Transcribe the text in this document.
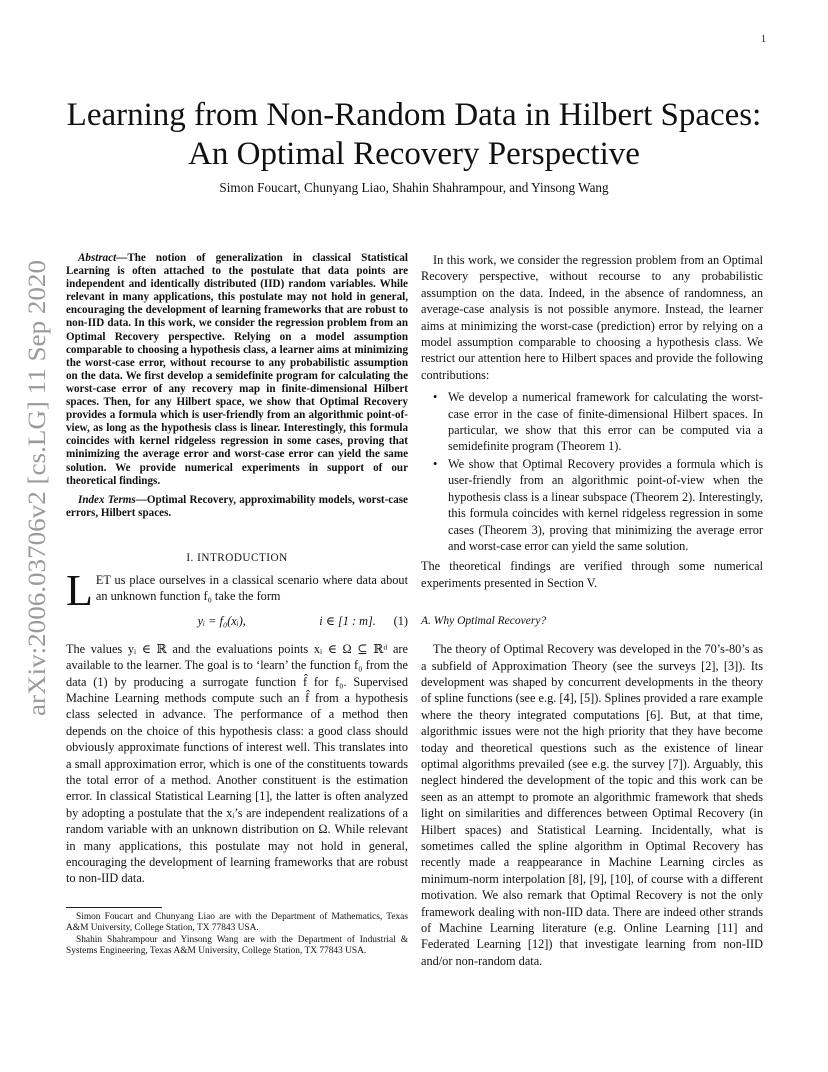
1
arXiv:2006.03706v2 [cs.LG] 11 Sep 2020
Learning from Non-Random Data in Hilbert Spaces:
An Optimal Recovery Perspective
Simon Foucart, Chunyang Liao, Shahin Shahrampour, and Yinsong Wang

Abstract—The notion of generalization in classical Statistical Learning is often attached to the postulate that data points are independent and identically distributed (IID) random variables. While relevant in many applications, this postulate may not hold in general, encouraging the development of learning frameworks that are robust to non-IID data. In this work, we consider the regression problem from an Optimal Recovery perspective. Relying on a model assumption comparable to choosing a hypothesis class, a learner aims at minimizing the worst-case error, without recourse to any probabilistic assumption on the data. We first develop a semidefinite program for calculating the worst-case error of any recovery map in finite-dimensional Hilbert spaces. Then, for any Hilbert space, we show that Optimal Recovery provides a formula which is user-friendly from an algorithmic point-of-view, as long as the hypothesis class is linear. Interestingly, this formula coincides with kernel ridgeless regression in some cases, proving that minimizing the average error and worst-case error can yield the same solution. We provide numerical experiments in support of our theoretical findings.

Index Terms—Optimal Recovery, approximability models, worst-case errors, Hilbert spaces.

I. INTRODUCTION

LET us place ourselves in a classical scenario where data about an unknown function f₀ take the form

yᵢ = f₀(xᵢ),	i ∈ [1 : m].	(1)

The values yᵢ ∈ ℝ and the evaluations points xᵢ ∈ Ω ⊆ ℝᵈ are available to the learner. The goal is to ‘learn’ the function f₀ from the data (1) by producing a surrogate function f̂ for f₀. Supervised Machine Learning methods compute such an f̂ from a hypothesis class selected in advance. The performance of a method then depends on the choice of this hypothesis class: a good class should obviously approximate functions of interest well. This translates into a small approximation error, which is one of the constituents towards the total error of a method. Another constituent is the estimation error. In classical Statistical Learning [1], the latter is often analyzed by adopting a postulate that the xᵢ’s are independent realizations of a random variable with an unknown distribution on Ω. While relevant in many applications, this postulate may not hold in general, encouraging the development of learning frameworks that are robust to non-IID data.

Simon Foucart and Chunyang Liao are with the Department of Mathematics, Texas A&M University, College Station, TX 77843 USA.

Shahin Shahrampour and Yinsong Wang are with the Department of Industrial & Systems Engineering, Texas A&M University, College Station, TX 77843 USA.

In this work, we consider the regression problem from an Optimal Recovery perspective, without recourse to any probabilistic assumption on the data. Indeed, in the absence of randomness, an average-case analysis is not possible anymore. Instead, the learner aims at minimizing the worst-case (prediction) error by relying on a model assumption comparable to choosing a hypothesis class. We restrict our attention here to Hilbert spaces and provide the following contributions:

• We develop a numerical framework for calculating the worst-case error in the case of finite-dimensional Hilbert spaces. In particular, we show that this error can be computed via a semidefinite program (Theorem 1).
• We show that Optimal Recovery provides a formula which is user-friendly from an algorithmic point-of-view when the hypothesis class is a linear subspace (Theorem 2). Interestingly, this formula coincides with kernel ridgeless regression in some cases (Theorem 3), proving that minimizing the average error and worst-case error can yield the same solution.

The theoretical findings are verified through some numerical experiments presented in Section V.

A. Why Optimal Recovery?

The theory of Optimal Recovery was developed in the 70’s-80’s as a subfield of Approximation Theory (see the surveys [2], [3]). Its development was shaped by concurrent developments in the theory of spline functions (see e.g. [4], [5]). Splines provided a rare example where the theory integrated computations [6]. But, at that time, algorithmic issues were not the high priority that they have become today and theoretical questions such as the existence of linear optimal algorithms prevailed (see e.g. the survey [7]). Arguably, this neglect hindered the development of the topic and this work can be seen as an attempt to promote an algorithmic framework that sheds light on similarities and differences between Optimal Recovery (in Hilbert spaces) and Statistical Learning. Incidentally, what is sometimes called the spline algorithm in Optimal Recovery has recently made a reappearance in Machine Learning circles as minimum-norm interpolation [8], [9], [10], of course with a different motivation. We also remark that Optimal Recovery is not the only framework dealing with non-IID data. There are indeed other strands of Machine Learning literature (e.g. Online Learning [11] and Federated Learning [12]) that investigate learning from non-IID and/or non-random data.
